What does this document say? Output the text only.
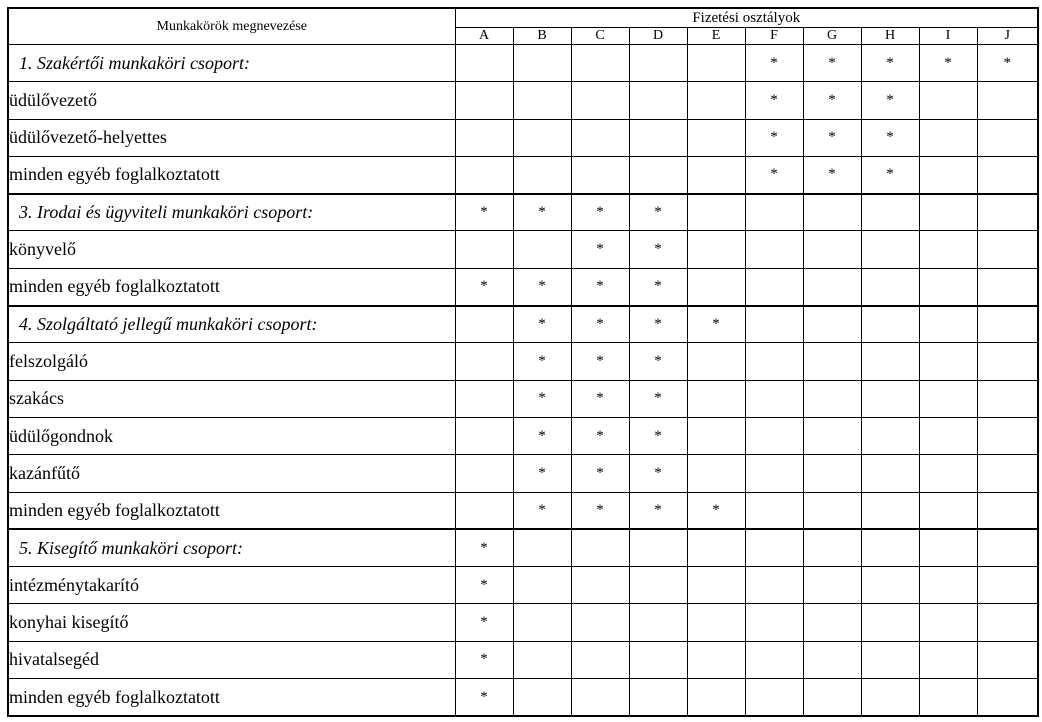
Munkakörök megnevezése	Fizetési osztályok									
	A	B	C	D	E	F	G	H	I	J
1. Szakértői munkaköri csoport:						*	*	*	*	*
üdülővezető						*	*	*		
üdülővezető-helyettes						*	*	*		
minden egyéb foglalkoztatott						*	*	*		
3. Irodai és ügyviteli munkaköri csoport:	*	*	*	*						
könyvelő			*	*						
minden egyéb foglalkoztatott	*	*	*	*						
4. Szolgáltató jellegű munkaköri csoport:		*	*	*	*					
felszolgáló		*	*	*						
szakács		*	*	*						
üdülőgondnok		*	*	*						
kazánfűtő		*	*	*						
minden egyéb foglalkoztatott		*	*	*	*					
5. Kisegítő munkaköri csoport:	*									
intézménytakarító	*									
konyhai kisegítő	*									
hivatalsegéd	*									
minden egyéb foglalkoztatott	*									
